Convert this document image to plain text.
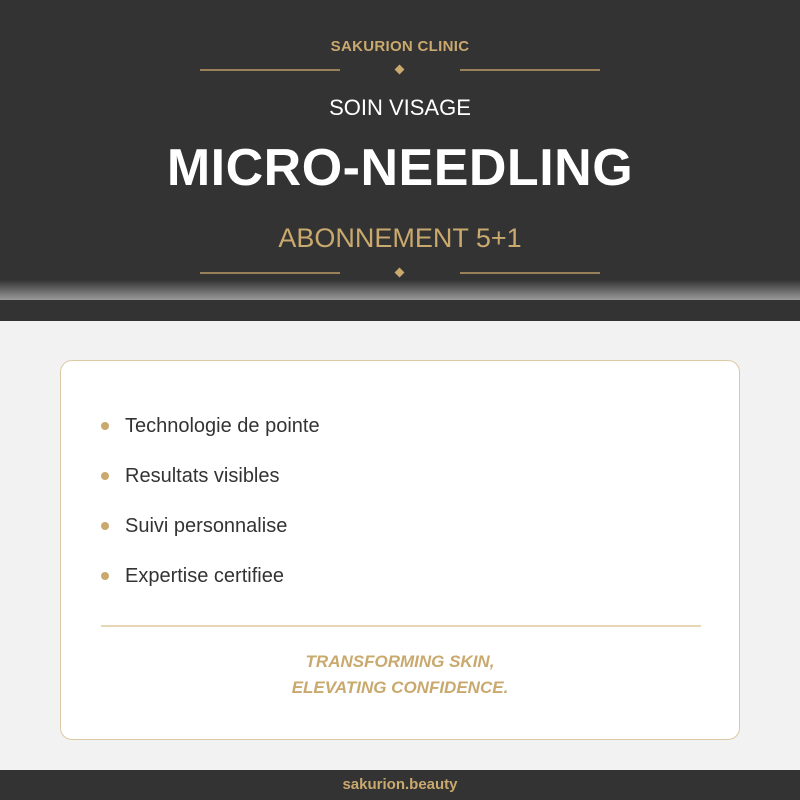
SAKURION CLINIC
SOIN VISAGE
MICRO-NEEDLING
ABONNEMENT 5+1
Technologie de pointe
Resultats visibles
Suivi personnalise
Expertise certifiee
TRANSFORMING SKIN,
ELEVATING CONFIDENCE.
sakurion.beauty
